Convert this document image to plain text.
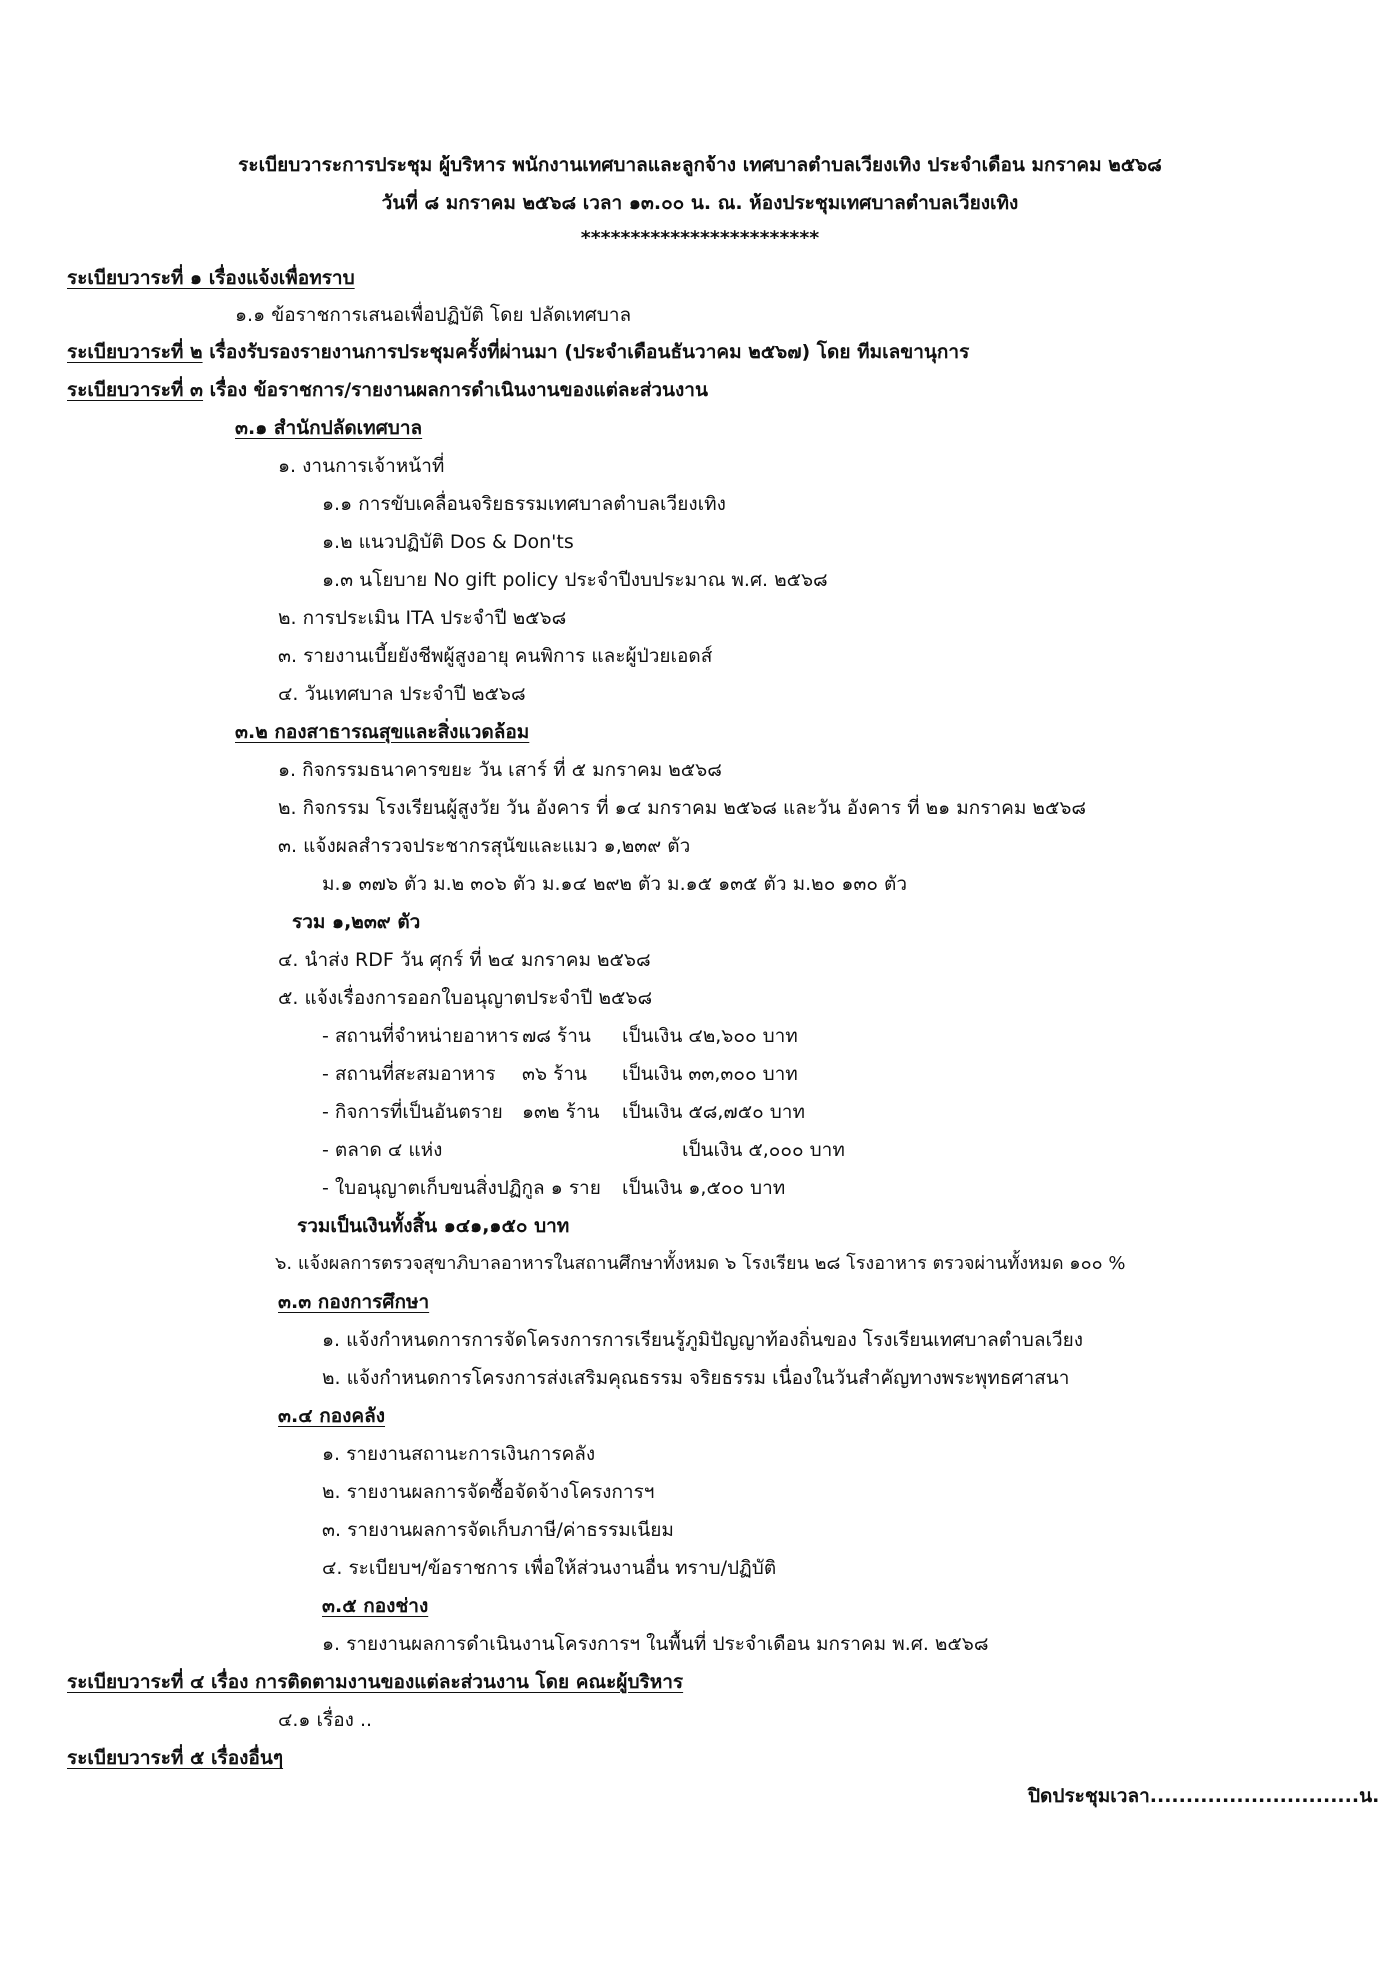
ระเบียบวาระการประชุม ผู้บริหาร พนักงานเทศบาลและลูกจ้าง เทศบาลตำบลเวียงเทิง ประจำเดือน มกราคม ๒๕๖๘
วันที่ ๘ มกราคม ๒๕๖๘ เวลา ๑๓.๐๐ น. ณ. ห้องประชุมเทศบาลตำบลเวียงเทิง
************************
ระเบียบวาระที่ ๑ เรื่องแจ้งเพื่อทราบ
๑.๑ ข้อราชการเสนอเพื่อปฏิบัติ โดย ปลัดเทศบาล
ระเบียบวาระที่ ๒ เรื่องรับรองรายงานการประชุมครั้งที่ผ่านมา (ประจำเดือนธันวาคม ๒๕๖๗) โดย ทีมเลขานุการ
ระเบียบวาระที่ ๓ เรื่อง ข้อราชการ/รายงานผลการดำเนินงานของแต่ละส่วนงาน
๓.๑ สำนักปลัดเทศบาล
๑. งานการเจ้าหน้าที่
๑.๑ การขับเคลื่อนจริยธรรมเทศบาลตำบลเวียงเทิง
๑.๒ แนวปฏิบัติ Dos & Don'ts
๑.๓ นโยบาย No gift policy ประจำปีงบประมาณ พ.ศ. ๒๕๖๘
๒. การประเมิน ITA ประจำปี ๒๕๖๘
๓. รายงานเบี้ยยังชีพผู้สูงอายุ คนพิการ และผู้ป่วยเอดส์
๔. วันเทศบาล ประจำปี ๒๕๖๘
๓.๒ กองสาธารณสุขและสิ่งแวดล้อม
๑. กิจกรรมธนาคารขยะ วัน เสาร์ ที่ ๕ มกราคม ๒๕๖๘
๒. กิจกรรม โรงเรียนผู้สูงวัย วัน อังคาร ที่ ๑๔ มกราคม ๒๕๖๘ และวัน อังคาร ที่ ๒๑ มกราคม ๒๕๖๘
๓. แจ้งผลสำรวจประชากรสุนัขและแมว ๑,๒๓๙ ตัว
ม.๑ ๓๗๖ ตัว ม.๒ ๓๐๖ ตัว ม.๑๔ ๒๙๒ ตัว ม.๑๕ ๑๓๕ ตัว ม.๒๐ ๑๓๐ ตัว
รวม ๑,๒๓๙ ตัว
๔. นำส่ง RDF วัน ศุกร์ ที่ ๒๔ มกราคม ๒๕๖๘
๕. แจ้งเรื่องการออกใบอนุญาตประจำปี ๒๕๖๘
- สถานที่จำหน่ายอาหาร ๗๘ ร้าน เป็นเงิน ๔๒,๖๐๐ บาท
- สถานที่สะสมอาหาร ๓๖ ร้าน เป็นเงิน ๓๓,๓๐๐ บาท
- กิจการที่เป็นอันตราย ๑๓๒ ร้าน เป็นเงิน ๕๘,๗๕๐ บาท
- ตลาด ๔ แห่ง	เป็นเงิน ๕,๐๐๐ บาท
- ใบอนุญาตเก็บขนสิ่งปฏิกูล ๑ ราย เป็นเงิน ๑,๕๐๐ บาท
รวมเป็นเงินทั้งสิ้น ๑๔๑,๑๕๐ บาท
๖. แจ้งผลการตรวจสุขาภิบาลอาหารในสถานศึกษาทั้งหมด ๖ โรงเรียน ๒๘ โรงอาหาร ตรวจผ่านทั้งหมด ๑๐๐ %
๓.๓ กองการศึกษา
๑. แจ้งกำหนดการการจัดโครงการการเรียนรู้ภูมิปัญญาท้องถิ่นของ โรงเรียนเทศบาลตำบลเวียง
๒. แจ้งกำหนดการโครงการส่งเสริมคุณธรรม จริยธรรม เนื่องในวันสำคัญทางพระพุทธศาสนา
๓.๔ กองคลัง
๑. รายงานสถานะการเงินการคลัง
๒. รายงานผลการจัดซื้อจัดจ้างโครงการฯ
๓. รายงานผลการจัดเก็บภาษี/ค่าธรรมเนียม
๔. ระเบียบฯ/ข้อราชการ เพื่อให้ส่วนงานอื่น ทราบ/ปฏิบัติ
๓.๕ กองช่าง
๑. รายงานผลการดำเนินงานโครงการฯ ในพื้นที่ ประจำเดือน มกราคม พ.ศ. ๒๕๖๘
ระเบียบวาระที่ ๔ เรื่อง การติดตามงานของแต่ละส่วนงาน โดย คณะผู้บริหาร
๔.๑ เรื่อง ..
ระเบียบวาระที่ ๕ เรื่องอื่นๆ
ปิดประชุมเวลา.............................น.
